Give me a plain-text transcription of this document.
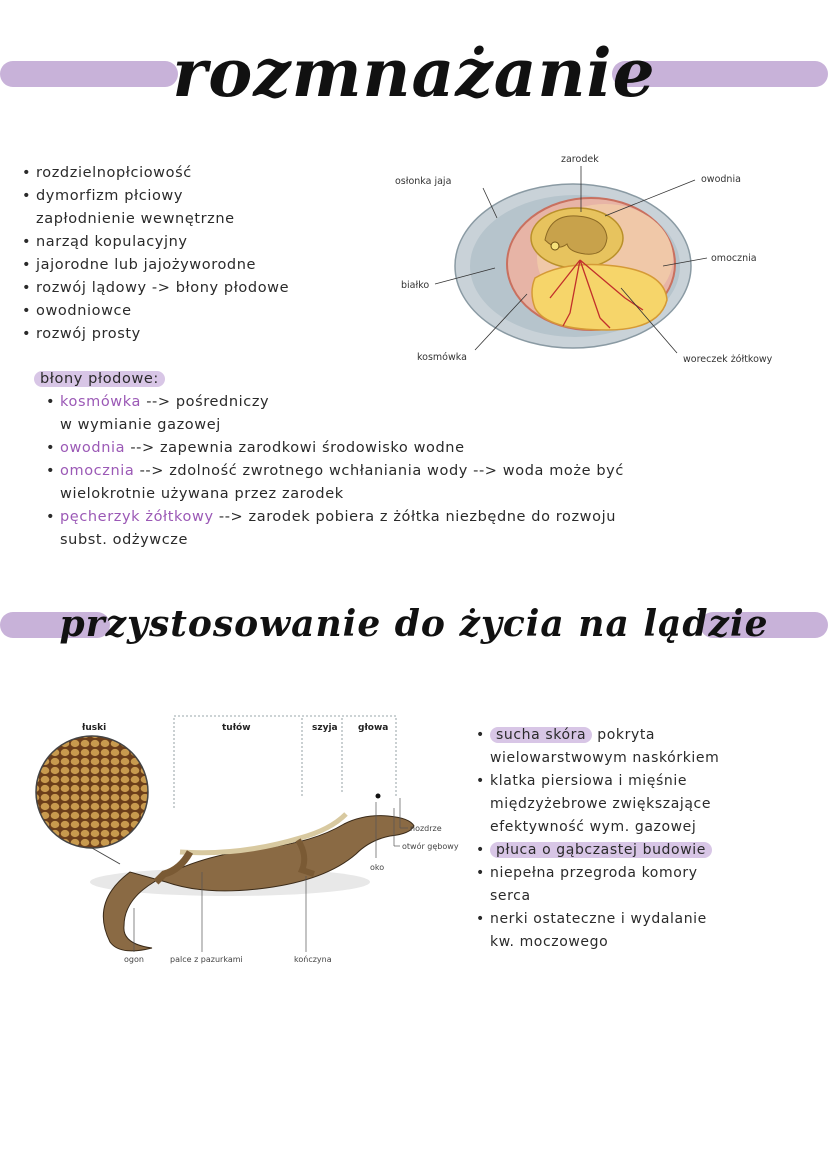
rozmnażanie
• rozdzielnopłciowość
• dymorfizm płciowy
zapłodnienie wewnętrzne
• narząd kopulacyjny
• jajorodne lub jajożyworodne
• rozwój lądowy -> błony płodowe
• owodniowce
• rozwój prosty
zarodek
osłonka jaja	owodnia
omocznia
białko
kosmówka	woreczek żółtkowy
błony płodowe:
• kosmówka --> pośredniczy
w wymianie gazowej
• owodnia --> zapewnia zarodkowi środowisko wodne
• omocznia --> zdolność zwrotnego wchłaniania wody --> woda może być
wielokrotnie używana przez zarodek
• pęcherzyk żółtkowy --> zarodek pobiera z żółtka niezbędne do rozwoju
subst. odżywcze
przystosowanie do życia na lądzie
łuski	tułów	szyja głowa
nozdrze
otwór gębowy
oko
ogon	palce z pazurkami	kończyna
• sucha skóra pokryta
wielowarstwowym naskórkiem
• klatka piersiowa i mięśnie
międzyżebrowe zwiększające
efektywność wym. gazowej
• płuca o gąbczastej budowie
• niepełna przegroda komory
serca
• nerki ostateczne i wydalanie
kw. moczowego
